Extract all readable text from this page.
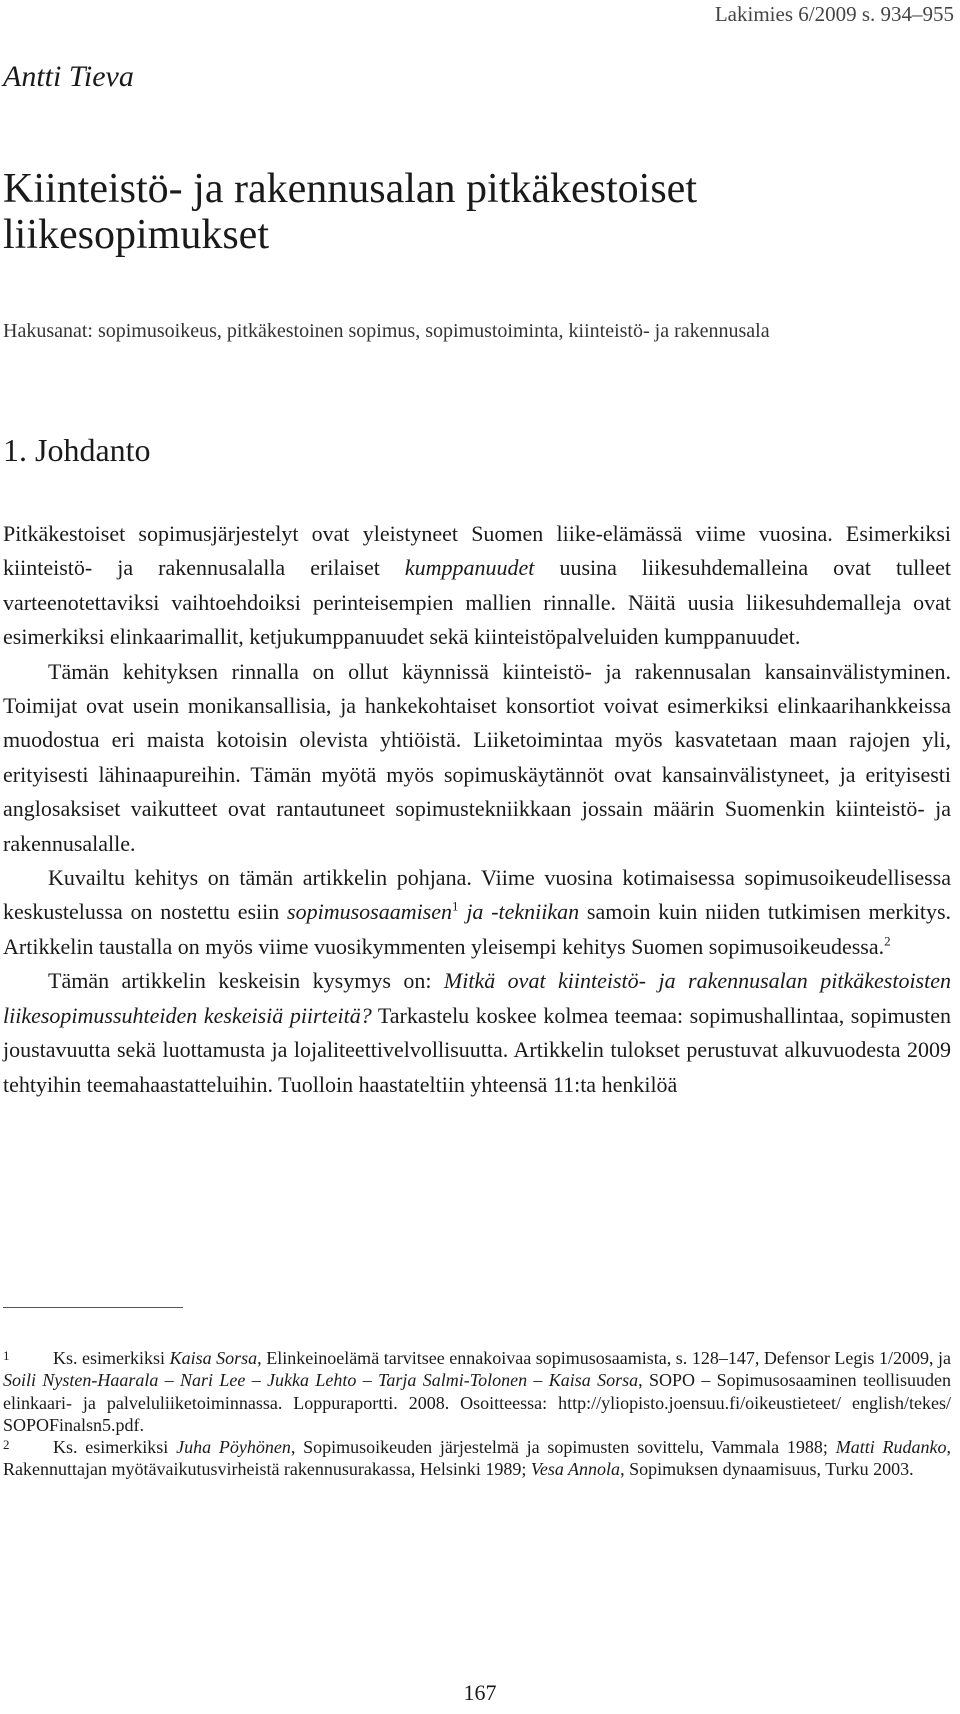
Lakimies 6/2009 s. 934–955
Antti Tieva
Kiinteistö- ja rakennusalan pitkäkestoiset liikesopimukset
Hakusanat: sopimusoikeus, pitkäkestoinen sopimus, sopimustoiminta, kiinteistö- ja rakennusala
1. Johdanto

Pitkäkestoiset sopimusjärjestelyt ovat yleistyneet Suomen liike-elämässä viime vuosina. Esimerkiksi kiinteistö- ja rakennusalalla erilaiset kumppanuudet uusina liikesuhdemalleina ovat tulleet varteenotettaviksi vaihtoehdoiksi perinteisempien mallien rinnalle. Näitä uusia liikesuhdemalleja ovat esimerkiksi elinkaarimallit, ketjukumppanuudet sekä kiinteistöpalveluiden kumppanuudet.

Tämän kehityksen rinnalla on ollut käynnissä kiinteistö- ja rakennusalan kansainvälistyminen. Toimijat ovat usein monikansallisia, ja hankekohtaiset konsortiot voivat esimerkiksi elinkaarihankkeissa muodostua eri maista kotoisin olevista yhtiöistä. Liiketoimintaa myös kasvatetaan maan rajojen yli, erityisesti lähinaapureihin. Tämän myötä myös sopimuskäytännöt ovat kansainvälistyneet, ja erityisesti anglosaksiset vaikutteet ovat rantautuneet sopimustekniikkaan jossain määrin Suomenkin kiinteistö- ja rakennusalalle.

Kuvailtu kehitys on tämän artikkelin pohjana. Viime vuosina kotimaisessa sopimusoikeudellisessa keskustelussa on nostettu esiin sopimusosaamisen$^1$ ja -tekniikan samoin kuin niiden tutkimisen merkitys. Artikkelin taustalla on myös viime vuosikymmenten yleisempi kehitys Suomen sopimusoikeudessa.$^2$

Tämän artikkelin keskeisin kysymys on: Mitkä ovat kiinteistö- ja rakennusalan pitkäkestoisten liikesopimussuhteiden keskeisiä piirteitä? Tarkastelu koskee kolmea teemaa: sopimushallintaa, sopimusten joustavuutta sekä luottamusta ja lojaliteettivelvollisuutta. Artikkelin tulokset perustuvat alkuvuodesta 2009 tehtyihin teemahaastatteluihin. Tuolloin haastateltiin yhteensä 11:ta henkilöä

1 Ks. esimerkiksi Kaisa Sorsa, Elinkeinoelämä tarvitsee ennakoivaa sopimusosaamista, s. 128–147, Defensor Legis 1/2009, ja Soili Nysten-Haarala – Nari Lee – Jukka Lehto – Tarja Salmi-Tolonen – Kaisa Sorsa, SOPO – Sopimusosaaminen teollisuuden elinkaari- ja palveluliiketoiminnassa. Loppuraportti. 2008. Osoitteessa: http://yliopisto.joensuu.fi/oikeustieteet/ english/tekes/ SOPOFinalsn5.pdf.

2 Ks. esimerkiksi Juha Pöyhönen, Sopimusoikeuden järjestelmä ja sopimusten sovittelu, Vammala 1988; Matti Rudanko, Rakennuttajan myötävaikutusvirheistä rakennusurakassa, Helsinki 1989; Vesa Annola, Sopimuksen dynaamisuus, Turku 2003.

167
